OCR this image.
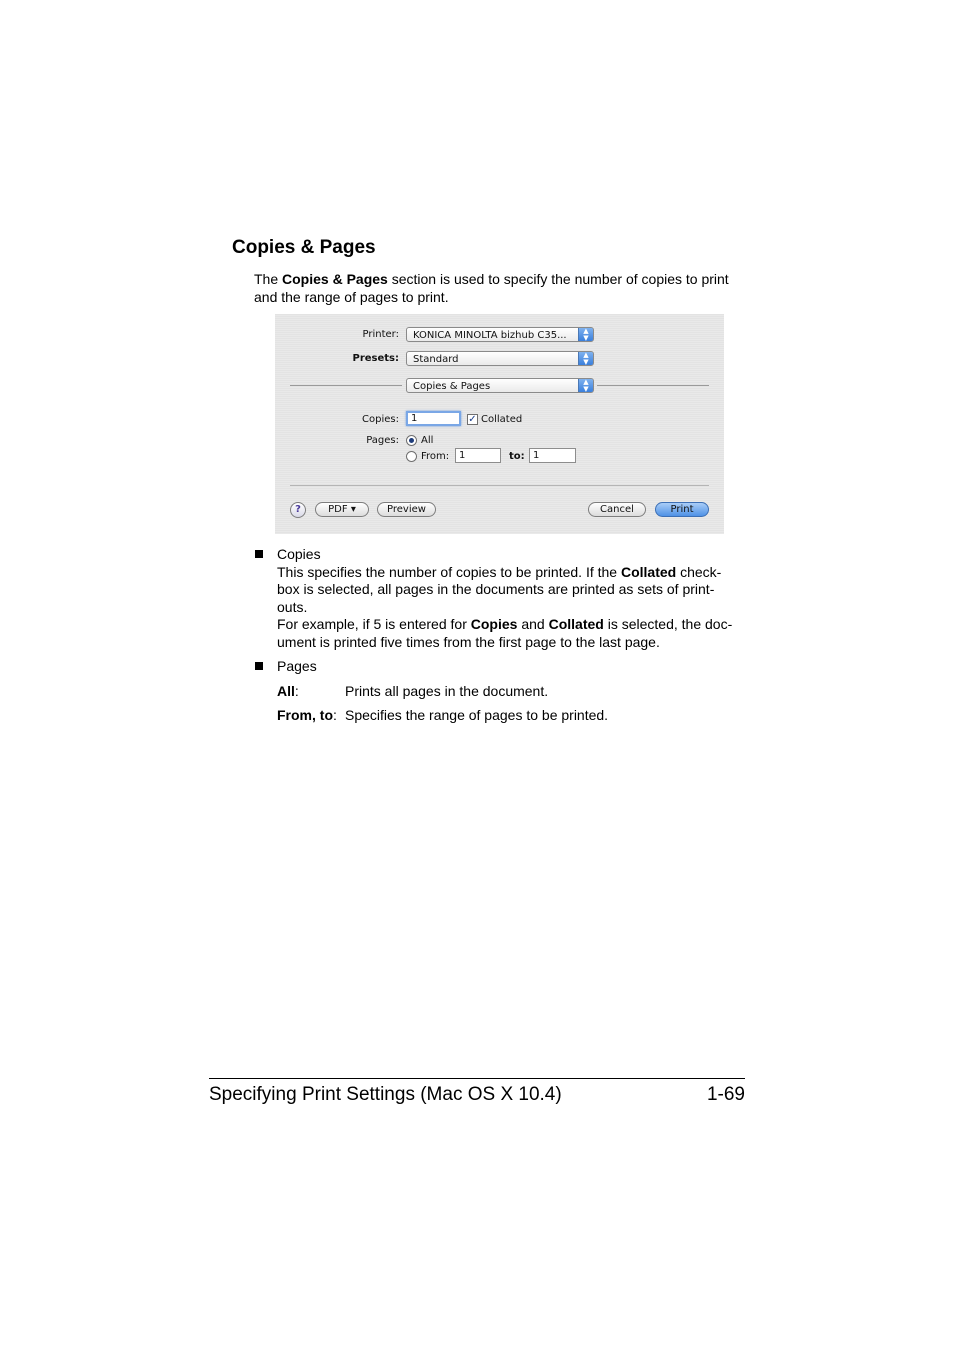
Copies & Pages

The Copies & Pages section is used to specify the number of copies to print
and the range of pages to print.

Printer:	KONICA MINOLTA bizhub C35...	▲
▼
Presets:	Standard	▲
▼
Copies & Pages	▲
▼
Copies:	1	✓ Collated
Pages: All
From: 1	to: 1
?	PDF ▾	Preview	Cancel	Print
Copies
This specifies the number of copies to be printed. If the Collated check-
box is selected, all pages in the documents are printed as sets of print-
outs.
For example, if 5 is entered for Copies and Collated is selected, the doc-
ument is printed five times from the first page to the last page.
Pages
All:	Prints all pages in the document.
From, to: Specifies the range of pages to be printed.
Specifying Print Settings (Mac OS X 10.4)	1-69
